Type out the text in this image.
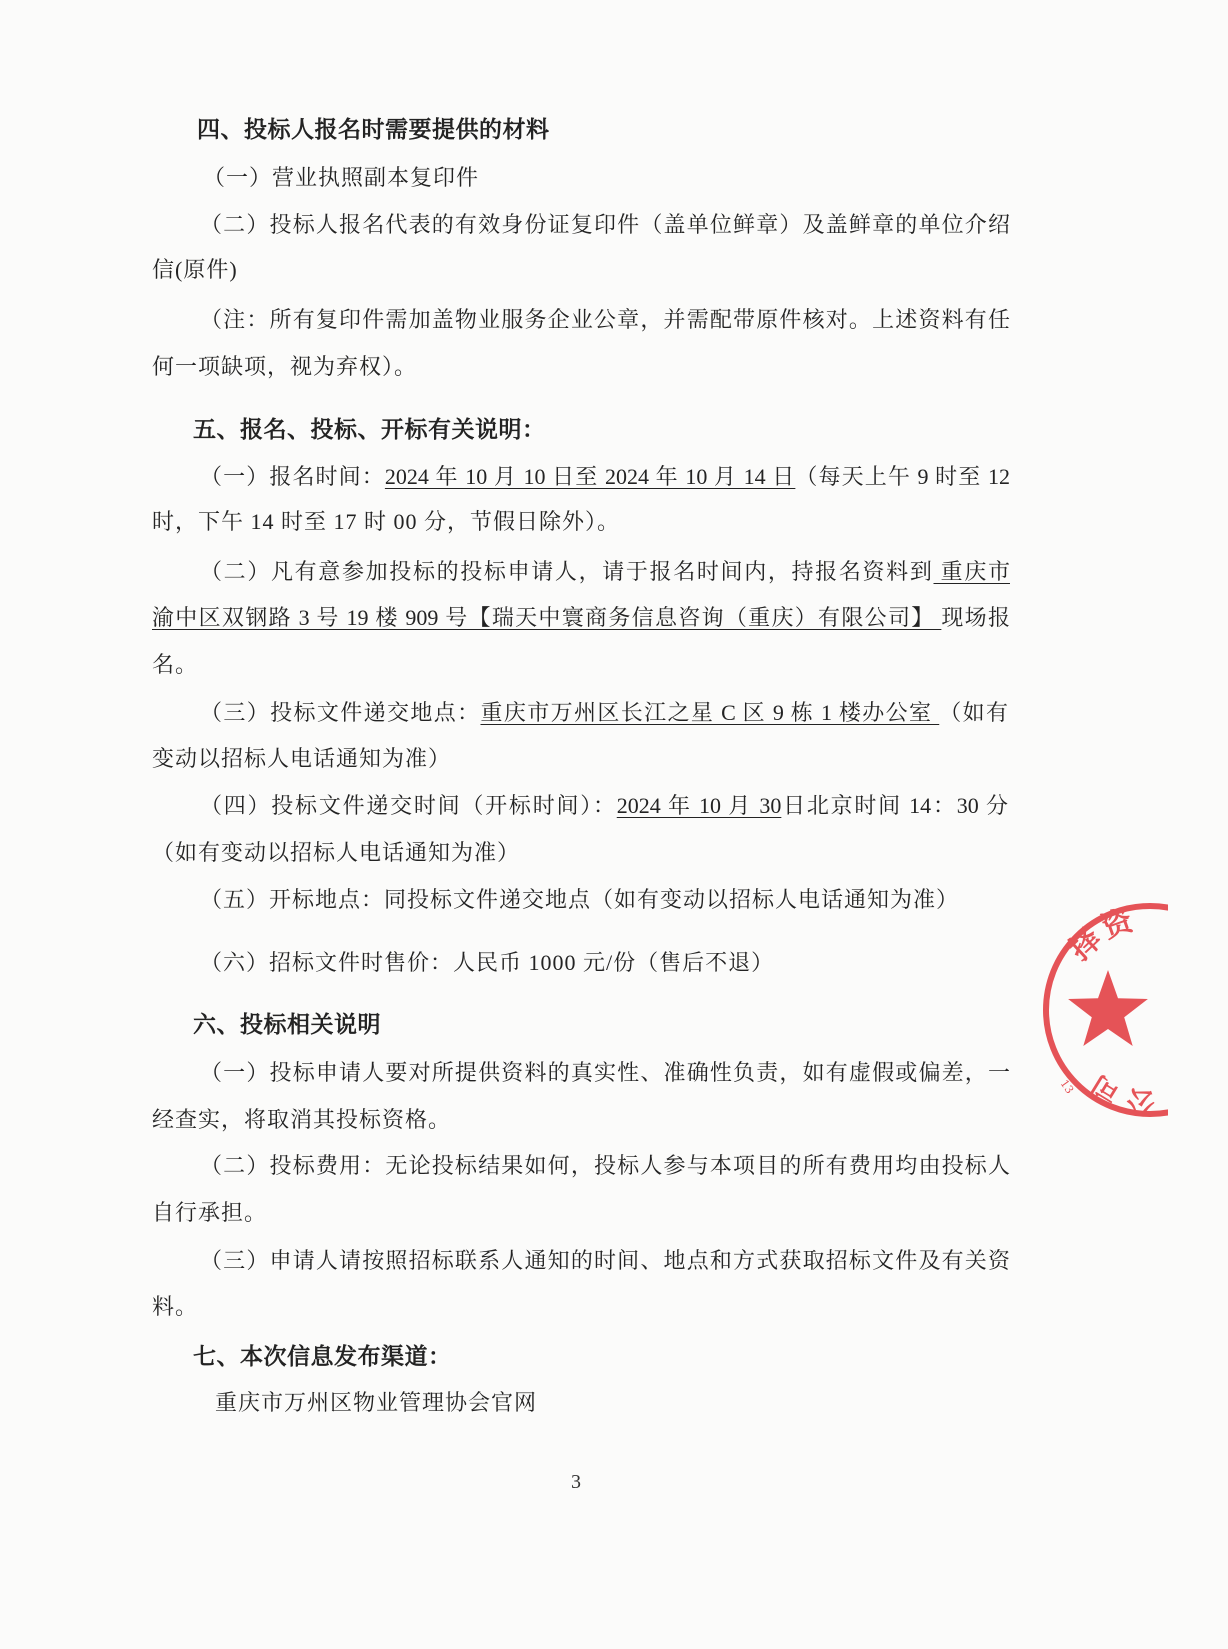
四、投标人报名时需要提供的材料
（一）营业执照副本复印件
（二）投标人报名代表的有效身份证复印件（盖单位鲜章）及盖鲜章的单位介绍
信(原件)
（注：所有复印件需加盖物业服务企业公章，并需配带原件核对。上述资料有任
何一项缺项，视为弃权）。
五、报名、投标、开标有关说明：
（一）报名时间：2024 年 10 月 10 日至 2024 年 10 月 14 日（每天上午 9 时至 12
时，下午 14 时至 17 时 00 分，节假日除外）。
（二）凡有意参加投标的投标申请人，请于报名时间内，持报名资料到 重庆市
渝中区双钢路 3 号 19 楼 909 号【瑞天中寰商务信息咨询（重庆）有限公司】 现场报
名。
（三）投标文件递交地点：重庆市万州区长江之星 C 区 9 栋 1 楼办公室 （如有
变动以招标人电话通知为准）
（四）投标文件递交时间（开标时间）：2024 年 10 月 30日北京时间 14：30 分
（如有变动以招标人电话通知为准）
（五）开标地点：同投标文件递交地点（如有变动以招标人电话通知为准）
（六）招标文件时售价：人民币 1000 元/份（售后不退）
六、投标相关说明
（一）投标申请人要对所提供资料的真实性、准确性负责，如有虚假或偏差，一
经查实，将取消其投标资格。
（二）投标费用：无论投标结果如何，投标人参与本项目的所有费用均由投标人
自行承担。
（三）申请人请按照招标联系人通知的时间、地点和方式获取招标文件及有关资
料。
七、本次信息发布渠道：
重庆市万州区物业管理协会官网
3
择资
公司
13
